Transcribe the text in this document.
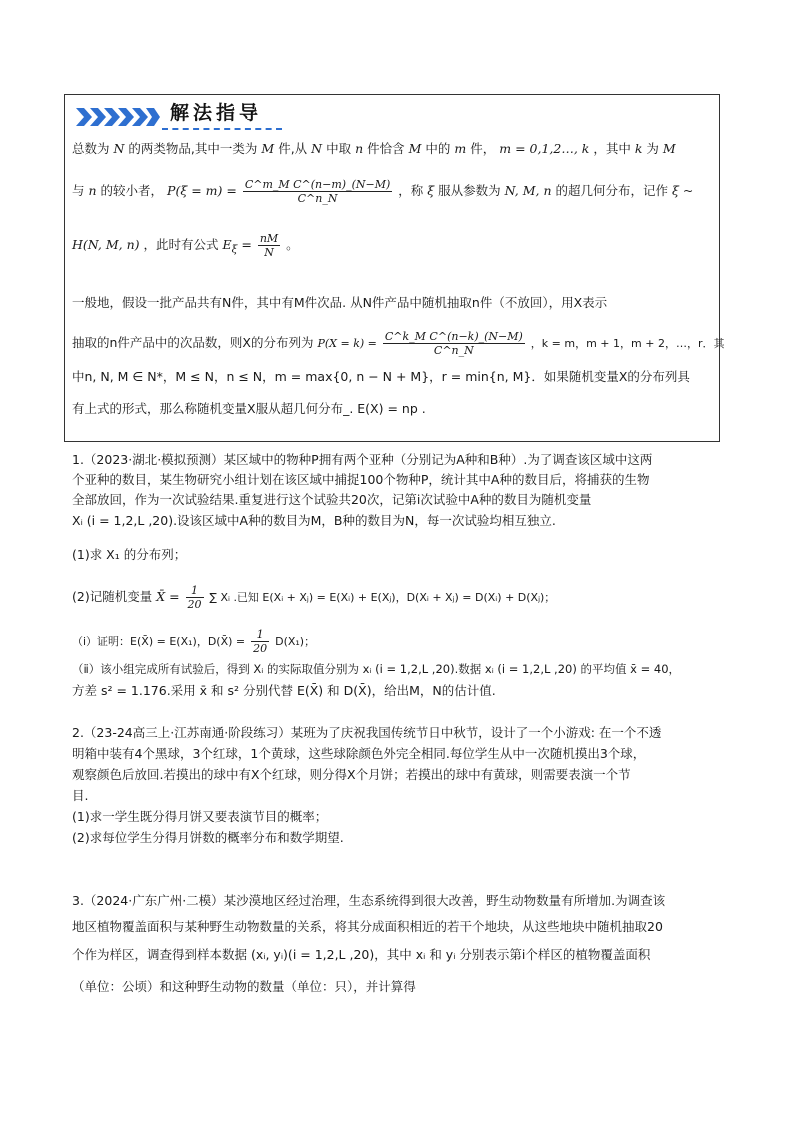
解法指导
总数为 N 的两类物品,其中一类为 M 件,从 N 中取 n 件恰含 M 中的 m 件， m = 0,1,2…, k ，其中 k 为 M
与 n 的较小者， $P(\xi = m) = \frac{\text{C\textasciicircum{}m\_M C\textasciicircum{}(n−m)\_(N−M)}}{C\^{}n\_N}$ ，称 ξ 服从参数为 N, M, n 的超几何分布，记作 ξ ~
H(N, M, n) ，此时有公式 $E_\xi = \frac{nM}{N}$ 。
一般地，假设一批产品共有N件，其中有M件次品. 从N件产品中随机抽取n件（不放回），用X表示
抽取的n件产品中的次品数，则X的分布列为 $P(X = k) = \frac{\text{C\textasciicircum{}k\_M C\textasciicircum{}(n−k)\_(N−M)}}{C\^{}n\_N}$ ，k = m，m + 1，m + 2，…，r．其
中n, N, M ∈ N*，M ≤ N，n ≤ N，m = max{0, n − N + M}，r = min{n, M}．如果随机变量X的分布列具
有上式的形式，那么称随机变量X服从超几何分布_. E(X) = np .
1.（2023·湖北·模拟预测）某区域中的物种P拥有两个亚种（分别记为A种和B种）.为了调查该区域中这两
个亚种的数目，某生物研究小组计划在该区域中捕捉100个物种P，统计其中A种的数目后，将捕获的生物
全部放回，作为一次试验结果.重复进行这个试验共20次，记第i次试验中A种的数目为随机变量
Xᵢ (i = 1,2,L ,20).设该区域中A种的数目为M，B种的数目为N，每一次试验均相互独立.
(1)求 X₁ 的分布列；
(2)记随机变量 X̄ = $\frac{1}{20}$ ∑ Xᵢ .已知 E(Xᵢ + Xⱼ) = E(Xᵢ) + E(Xⱼ)，D(Xᵢ + Xⱼ) = D(Xᵢ) + D(Xⱼ)；
（ⅰ）证明：E(X̄) = E(X₁)，D(X̄) = $\frac{1}{20} D(X_1)$；
（ⅱ）该小组完成所有试验后，得到 Xᵢ 的实际取值分别为 xᵢ (i = 1,2,L ,20).数据 xᵢ (i = 1,2,L ,20) 的平均值 x̄ = 40，
方差 s² = 1.176.采用 x̄ 和 s² 分别代替 E(X̄) 和 D(X̄)，给出M，N的估计值.
2.（23-24高三上·江苏南通·阶段练习）某班为了庆祝我国传统节日中秋节，设计了一个小游戏: 在一个不透
明箱中装有4个黑球，3个红球，1个黄球，这些球除颜色外完全相同.每位学生从中一次随机摸出3个球，
观察颜色后放回.若摸出的球中有X个红球，则分得X个月饼；若摸出的球中有黄球，则需要表演一个节
目.
(1)求一学生既分得月饼又要表演节目的概率；
(2)求每位学生分得月饼数的概率分布和数学期望.
3.（2024·广东广州·二模）某沙漠地区经过治理，生态系统得到很大改善，野生动物数量有所增加.为调查该
地区植物覆盖面积与某种野生动物数量的关系，将其分成面积相近的若干个地块，从这些地块中随机抽取20
个作为样区，调查得到样本数据 (xᵢ, yᵢ)(i = 1,2,L ,20)，其中 xᵢ 和 yᵢ 分别表示第i个样区的植物覆盖面积
（单位：公顷）和这种野生动物的数量（单位：只），并计算得
